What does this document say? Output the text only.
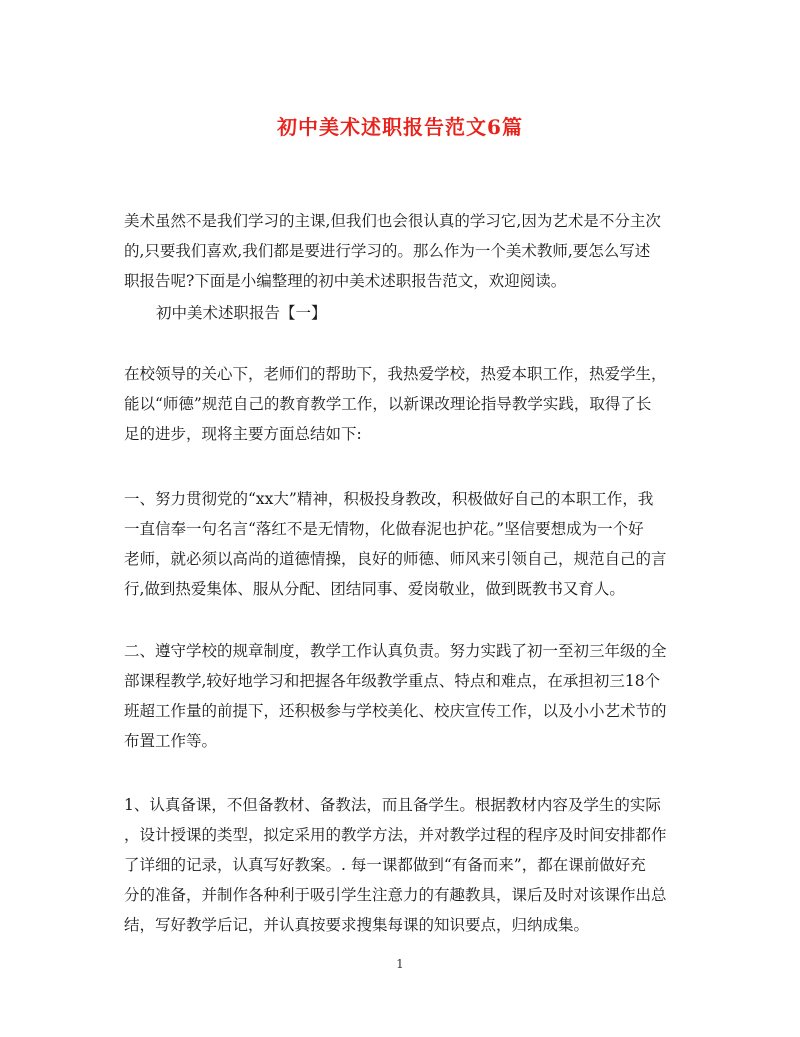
初中美术述职报告范文6篇
美术虽然不是我们学习的主课,但我们也会很认真的学习它,因为艺术是不分主次
的,只要我们喜欢,我们都是要进行学习的。那么作为一个美术教师,要怎么写述
职报告呢?下面是小编整理的初中美术述职报告范文，欢迎阅读。
初中美术述职报告【一】
在校领导的关心下，老师们的帮助下，我热爱学校，热爱本职工作，热爱学生，
能以“师德”规范自己的教育教学工作，以新课改理论指导教学实践，取得了长
足的进步，现将主要方面总结如下:
一、努力贯彻党的“xx大”精神，积极投身教改，积极做好自己的本职工作，我
一直信奉一句名言“落红不是无情物，化做春泥也护花。”坚信要想成为一个好
老师，就必须以高尚的道德情操，良好的师德、师风来引领自己，规范自己的言
行,做到热爱集体、服从分配、团结同事、爱岗敬业，做到既教书又育人。
二、遵守学校的规章制度，教学工作认真负责。努力实践了初一至初三年级的全
部课程教学,较好地学习和把握各年级教学重点、特点和难点，在承担初三18个
班超工作量的前提下，还积极参与学校美化、校庆宣传工作，以及小小艺术节的
布置工作等。
1、认真备课，不但备教材、备教法，而且备学生。根据教材内容及学生的实际
，设计授课的类型，拟定采用的教学方法，并对教学过程的程序及时间安排都作
了详细的记录，认真写好教案。. 每一课都做到“有备而来”，都在课前做好充
分的准备，并制作各种利于吸引学生注意力的有趣教具，课后及时对该课作出总
结，写好教学后记，并认真按要求搜集每课的知识要点，归纳成集。
1
